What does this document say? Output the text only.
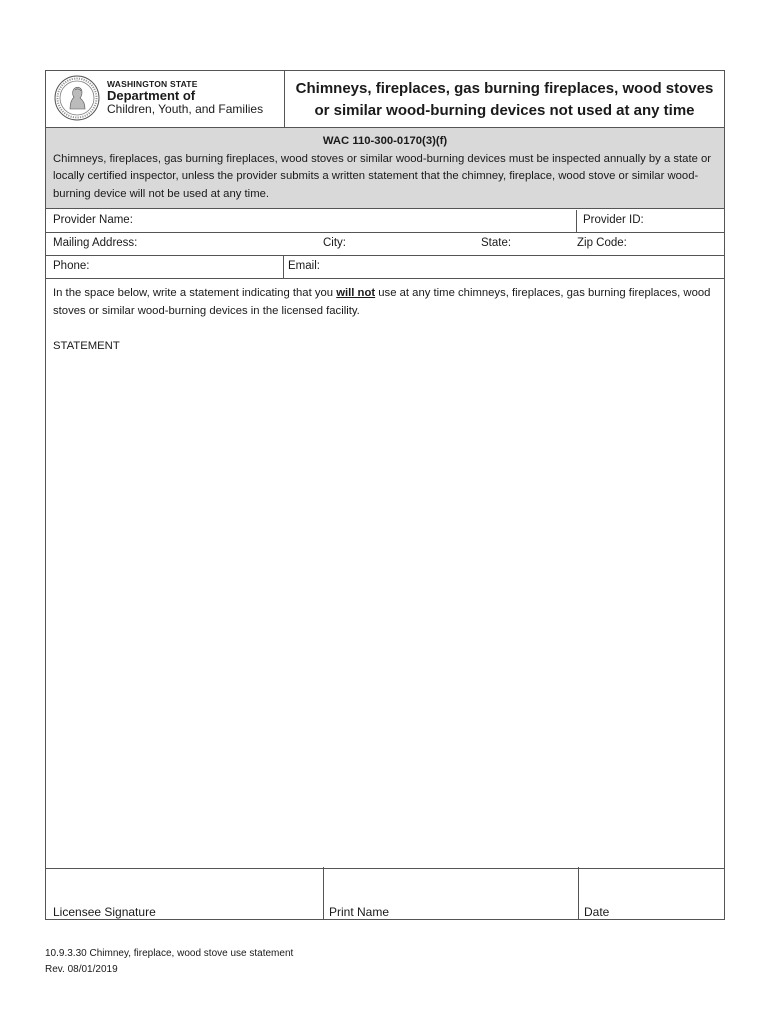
WASHINGTON STATE
Department of
Children, Youth, and Families
Chimneys, fireplaces, gas burning fireplaces, wood stoves or similar wood-burning devices not used at any time
WAC 110-300-0170(3)(f)
Chimneys, fireplaces, gas burning fireplaces, wood stoves or similar wood-burning devices must be inspected annually by a state or locally certified inspector, unless the provider submits a written statement that the chimney, fireplace, wood stove or similar wood-burning device will not be used at any time.
Provider Name:	Provider ID:
Mailing Address:	City:	State:	Zip Code:
Phone:	Email:
In the space below, write a statement indicating that you will not use at any time chimneys, fireplaces, gas burning fireplaces, wood stoves or similar wood-burning devices in the licensed facility.
STATEMENT
Licensee Signature	Print Name	Date
10.9.3.30 Chimney, fireplace, wood stove use statement
Rev. 08/01/2019
